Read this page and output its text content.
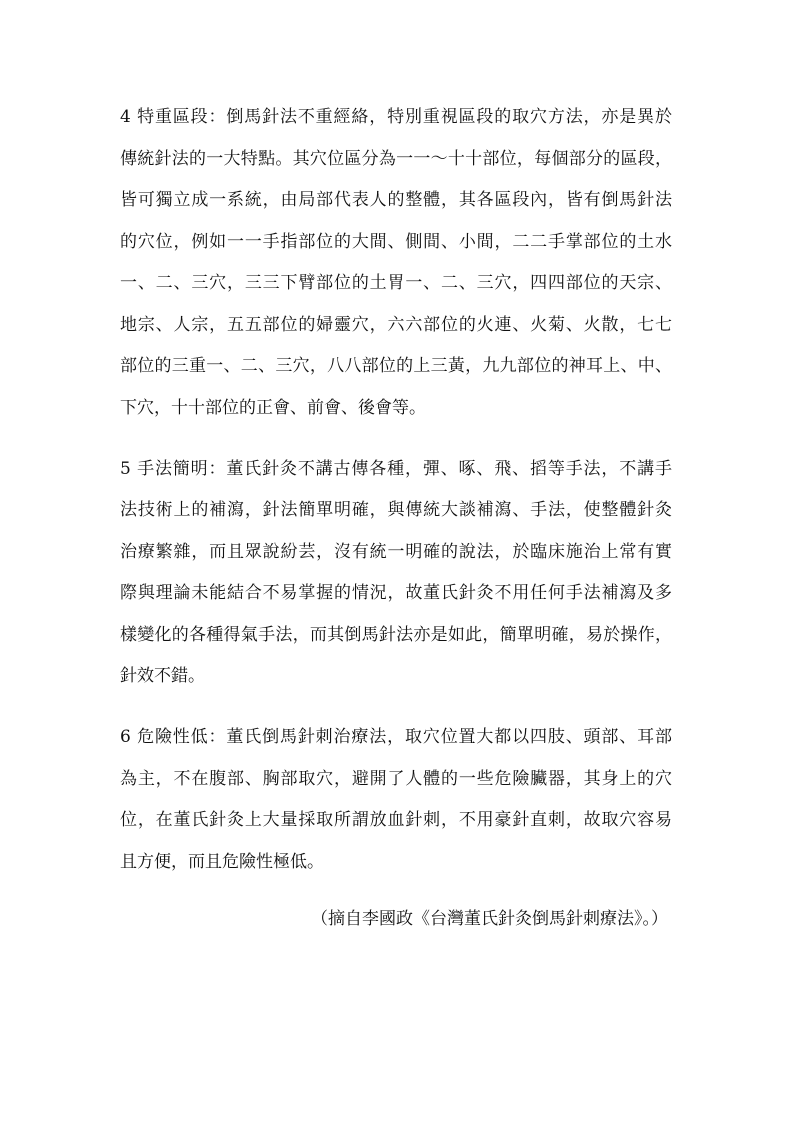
4 特重區段：倒馬針法不重經絡，特別重視區段的取穴方法，亦是異於
傳統針法的一大特點。其穴位區分為一一～十十部位，每個部分的區段，
皆可獨立成一系統，由局部代表人的整體，其各區段內，皆有倒馬針法
的穴位，例如一一手指部位的大間、側間、小間，二二手掌部位的土水
一、二、三穴，三三下臂部位的土胃一、二、三穴，四四部位的天宗、
地宗、人宗，五五部位的婦靈穴，六六部位的火連、火菊、火散，七七
部位的三重一、二、三穴，八八部位的上三黃，九九部位的神耳上、中、
下穴，十十部位的正會、前會、後會等。
5 手法簡明：董氏針灸不講古傳各種，彈、啄、飛、搯等手法，不講手
法技術上的補瀉，針法簡單明確，與傳統大談補瀉、手法，使整體針灸
治療繁雜，而且眾說紛芸，沒有統一明確的說法，於臨床施治上常有實
際與理論未能結合不易掌握的情況，故董氏針灸不用任何手法補瀉及多
樣變化的各種得氣手法，而其倒馬針法亦是如此，簡單明確，易於操作，
針效不錯。
6 危險性低：董氏倒馬針刺治療法，取穴位置大都以四肢、頭部、耳部
為主，不在腹部、胸部取穴，避開了人體的一些危險臟器，其身上的穴
位，在董氏針灸上大量採取所謂放血針刺，不用豪針直刺，故取穴容易
且方便，而且危險性極低。
（摘自李國政《台灣董氏針灸倒馬針刺療法》。）
